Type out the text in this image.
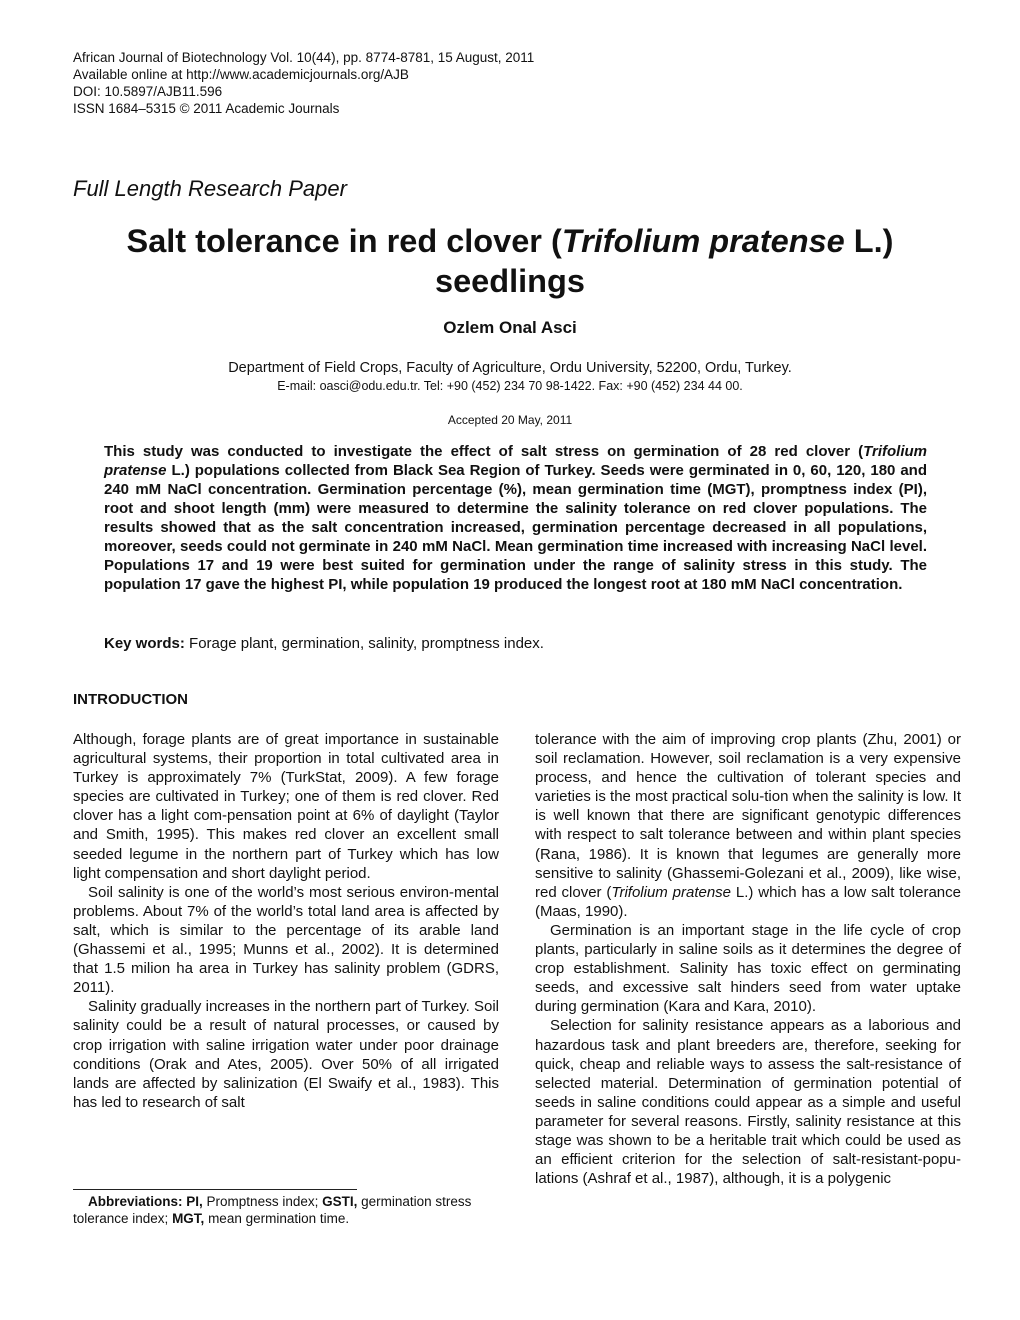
African Journal of Biotechnology Vol. 10(44), pp. 8774-8781, 15 August, 2011
Available online at http://www.academicjournals.org/AJB
DOI: 10.5897/AJB11.596
ISSN 1684–5315 © 2011 Academic Journals
Full Length Research Paper
Salt tolerance in red clover (Trifolium pratense L.) seedlings
Ozlem Onal Asci
Department of Field Crops, Faculty of Agriculture, Ordu University, 52200, Ordu, Turkey.
E-mail: oasci@odu.edu.tr. Tel: +90 (452) 234 70 98-1422. Fax: +90 (452) 234 44 00.
Accepted 20 May, 2011

This study was conducted to investigate the effect of salt stress on germination of 28 red clover (Trifolium pratense L.) populations collected from Black Sea Region of Turkey. Seeds were germinated in 0, 60, 120, 180 and 240 mM NaCl concentration. Germination percentage (%), mean germination time (MGT), promptness index (PI), root and shoot length (mm) were measured to determine the salinity tolerance on red clover populations. The results showed that as the salt concentration increased, germination percentage decreased in all populations, moreover, seeds could not germinate in 240 mM NaCl. Mean germination time increased with increasing NaCl level. Populations 17 and 19 were best suited for germination under the range of salinity stress in this study. The population 17 gave the highest PI, while population 19 produced the longest root at 180 mM NaCl concentration.

Key words: Forage plant, germination, salinity, promptness index.
INTRODUCTION

Although, forage plants are of great importance in sustainable agricultural systems, their proportion in total cultivated area in Turkey is approximately 7% (TurkStat, 2009). A few forage species are cultivated in Turkey; one of them is red clover. Red clover has a light com-pensation point at 6% of daylight (Taylor and Smith, 1995). This makes red clover an excellent small seeded legume in the northern part of Turkey which has low light compensation and short daylight period.

Soil salinity is one of the world’s most serious environ-mental problems. About 7% of the world’s total land area is affected by salt, which is similar to the percentage of its arable land (Ghassemi et al., 1995; Munns et al., 2002). It is determined that 1.5 milion ha area in Turkey has salinity problem (GDRS, 2011).

Salinity gradually increases in the northern part of Turkey. Soil salinity could be a result of natural processes, or caused by crop irrigation with saline irrigation water under poor drainage conditions (Orak and Ates, 2005). Over 50% of all irrigated lands are affected by salinization (El Swaify et al., 1983). This has led to research of salt

tolerance with the aim of improving crop plants (Zhu, 2001) or soil reclamation. However, soil reclamation is a very expensive process, and hence the cultivation of tolerant species and varieties is the most practical solu-tion when the salinity is low. It is well known that there are significant genotypic differences with respect to salt tolerance between and within plant species (Rana, 1986). It is known that legumes are generally more sensitive to salinity (Ghassemi-Golezani et al., 2009), like wise, red clover (Trifolium pratense L.) which has a low salt tolerance (Maas, 1990).

Germination is an important stage in the life cycle of crop plants, particularly in saline soils as it determines the degree of crop establishment. Salinity has toxic effect on germinating seeds, and excessive salt hinders seed from water uptake during germination (Kara and Kara, 2010).

Selection for salinity resistance appears as a laborious and hazardous task and plant breeders are, therefore, seeking for quick, cheap and reliable ways to assess the salt-resistance of selected material. Determination of germination potential of seeds in saline conditions could appear as a simple and useful parameter for several reasons. Firstly, salinity resistance at this stage was shown to be a heritable trait which could be used as an efficient criterion for the selection of salt-resistant-popu-lations (Ashraf et al., 1987), although, it is a polygenic

Abbreviations: PI, Promptness index; GSTI, germination stress tolerance index; MGT, mean germination time.
